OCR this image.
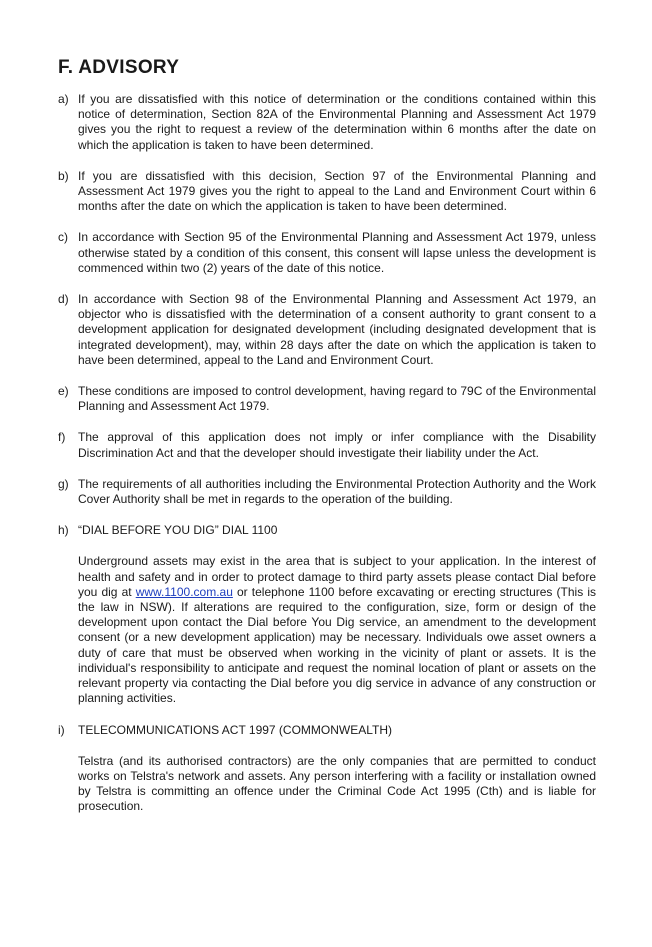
F. ADVISORY
a) If you are dissatisfied with this notice of determination or the conditions contained within this notice of determination, Section 82A of the Environmental Planning and Assessment Act 1979 gives you the right to request a review of the determination within 6 months after the date on which the application is taken to have been determined.

b) If you are dissatisfied with this decision, Section 97 of the Environmental Planning and Assessment Act 1979 gives you the right to appeal to the Land and Environment Court within 6 months after the date on which the application is taken to have been determined.

c) In accordance with Section 95 of the Environmental Planning and Assessment Act 1979, unless otherwise stated by a condition of this consent, this consent will lapse unless the development is commenced within two (2) years of the date of this notice.

d) In accordance with Section 98 of the Environmental Planning and Assessment Act 1979, an objector who is dissatisfied with the determination of a consent authority to grant consent to a development application for designated development (including designated development that is integrated development), may, within 28 days after the date on which the application is taken to have been determined, appeal to the Land and Environment Court.

e) These conditions are imposed to control development, having regard to 79C of the Environmental Planning and Assessment Act 1979.

f)	The approval of this application does not imply or infer compliance with the Disability Discrimination Act and that the developer should investigate their liability under the Act.

g) The requirements of all authorities including the Environmental Protection Authority and the Work Cover Authority shall be met in regards to the operation of the building.

h) “DIAL BEFORE YOU DIG” DIAL 1100

Underground assets may exist in the area that is subject to your application. In the interest of health and safety and in order to protect damage to third party assets please contact Dial before you dig at www.1100.com.au or telephone 1100 before excavating or erecting structures (This is the law in NSW). If alterations are required to the configuration, size, form or design of the development upon contact the Dial before You Dig service, an amendment to the development consent (or a new development application) may be necessary. Individuals owe asset owners a duty of care that must be observed when working in the vicinity of plant or assets. It is the individual's responsibility to anticipate and request the nominal location of plant or assets on the relevant property via contacting the Dial before you dig service in advance of any construction or planning activities.

i)	TELECOMMUNICATIONS ACT 1997 (COMMONWEALTH)

Telstra (and its authorised contractors) are the only companies that are permitted to conduct works on Telstra's network and assets. Any person interfering with a facility or installation owned by Telstra is committing an offence under the Criminal Code Act 1995 (Cth) and is liable for prosecution.
